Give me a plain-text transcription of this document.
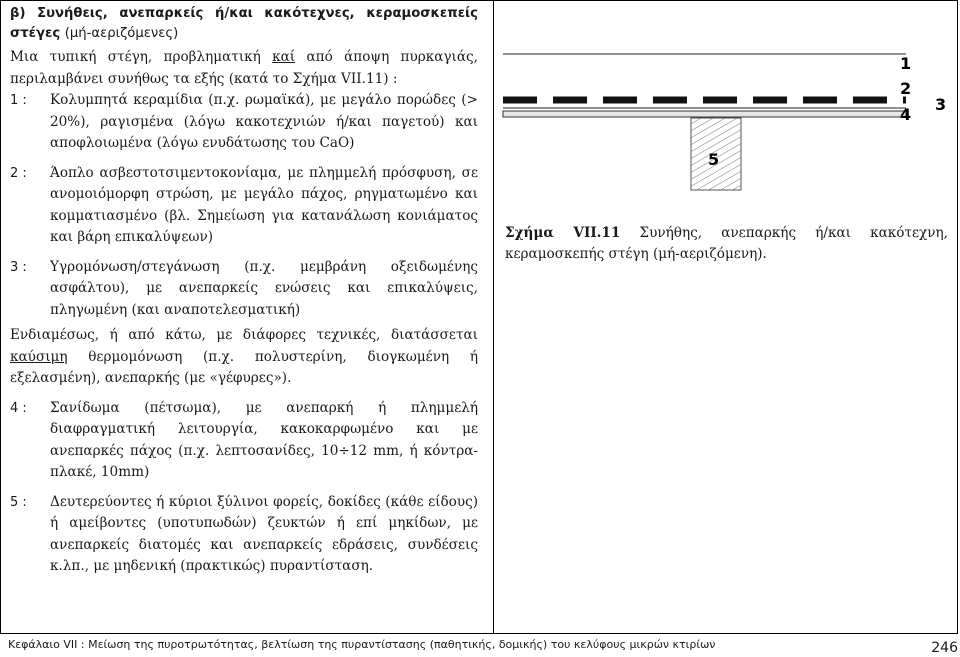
β) Συνήθεις, ανεπαρκείς ή/και κακότεχνες, κεραμοσκεπείς στέγες (μή-αεριζόμενες)

Μια τυπική στέγη, προβληματική καί από άποψη πυρκαγιάς, περιλαμβάνει συνήθως τα εξής (κατά το Σχήμα VII.11) :

1 :	Κολυμπητά κεραμίδια (π.χ. ρωμαϊκά), με μεγάλο πορώδες (> 20%), ραγισμένα (λόγω κακοτεχνιών ή/και παγετού) και αποφλοιωμένα (λόγω ενυδάτωσης του CaO)
2 :	Άοπλο ασβεστοτσιμεντοκονίαμα, με πλημμελή πρόσφυση, σε ανομοιόμορφη στρώση, με μεγάλο πάχος, ρηγματωμένο και κομματιασμένο (βλ. Σημείωση για κατανάλωση κονιάματος και βάρη επικαλύψεων)
3 :	Υγρομόνωση/στεγάνωση (π.χ. μεμβράνη οξειδωμένης ασφάλτου), με ανεπαρκείς ενώσεις και επικαλύψεις, πληγωμένη (και αναποτελεσματική)

Ενδιαμέσως, ή από κάτω, με διάφορες τεχνικές, διατάσσεται καύσιμη θερμομόνωση (π.χ. πολυστερίνη, διογκωμένη ή εξελασμένη), ανεπαρκής (με «γέφυρες»).

4 :	Σανίδωμα (πέτσωμα), με ανεπαρκή ή πλημμελή διαφραγματική λειτουργία, κακοκαρφωμένο και με ανεπαρκές πάχος (π.χ. λεπτοσανίδες, 10÷12 mm, ή κόντρα-πλακέ, 10mm)
5 :	Δευτερεύοντες ή κύριοι ξύλινοι φορείς, δοκίδες (κάθε είδους) ή αμείβοντες (υποτυπωδών) ζευκτών ή επί μηκίδων, με ανεπαρκείς διατομές και ανεπαρκείς εδράσεις, συνδέσεις κ.λπ., με μηδενική (πρακτικώς) πυραντίσταση.
1
2
3
4
5

Σχήμα VII.11 Συνήθης, ανεπαρκής ή/και κακότεχνη, κεραμοσκεπής στέγη (μή-αεριζόμενη).

Κεφάλαιο VII : Μείωση της πυροτρωτότητας, βελτίωση της πυραντίστασης (παθητικής, δομικής) του κελύφους μικρών κτιρίων	246
